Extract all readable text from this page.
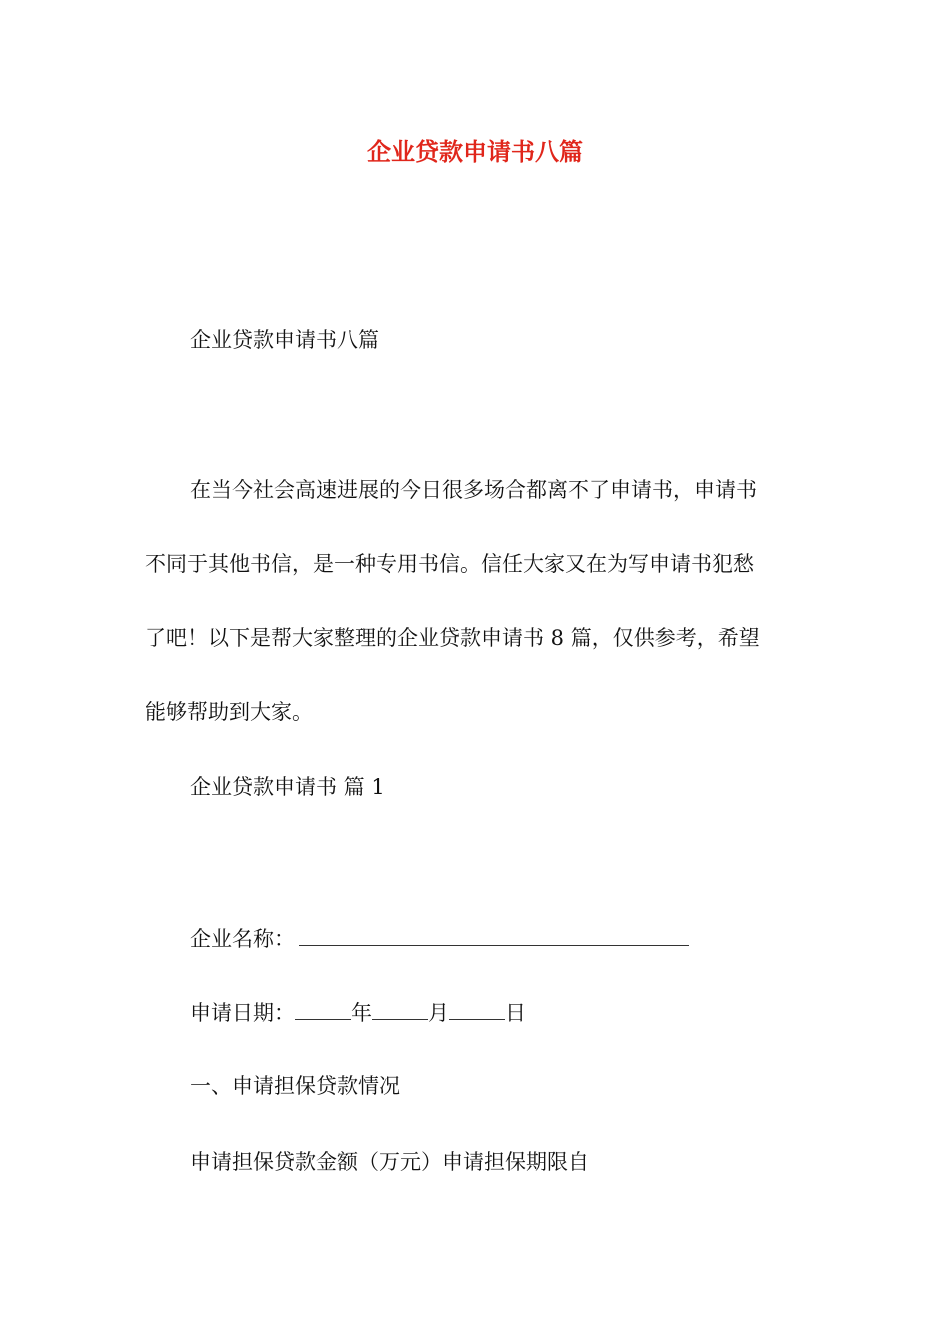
企业贷款申请书八篇
企业贷款申请书八篇
在当今社会高速进展的今日很多场合都离不了申请书，申请书
不同于其他书信，是一种专用书信。信任大家又在为写申请书犯愁
了吧！以下是帮大家整理的企业贷款申请书 8 篇，仅供参考，希望
能够帮助到大家。
企业贷款申请书 篇 1
企业名称：
申请日期：	年	月	日
一、申请担保贷款情况
申请担保贷款金额（万元）申请担保期限自
